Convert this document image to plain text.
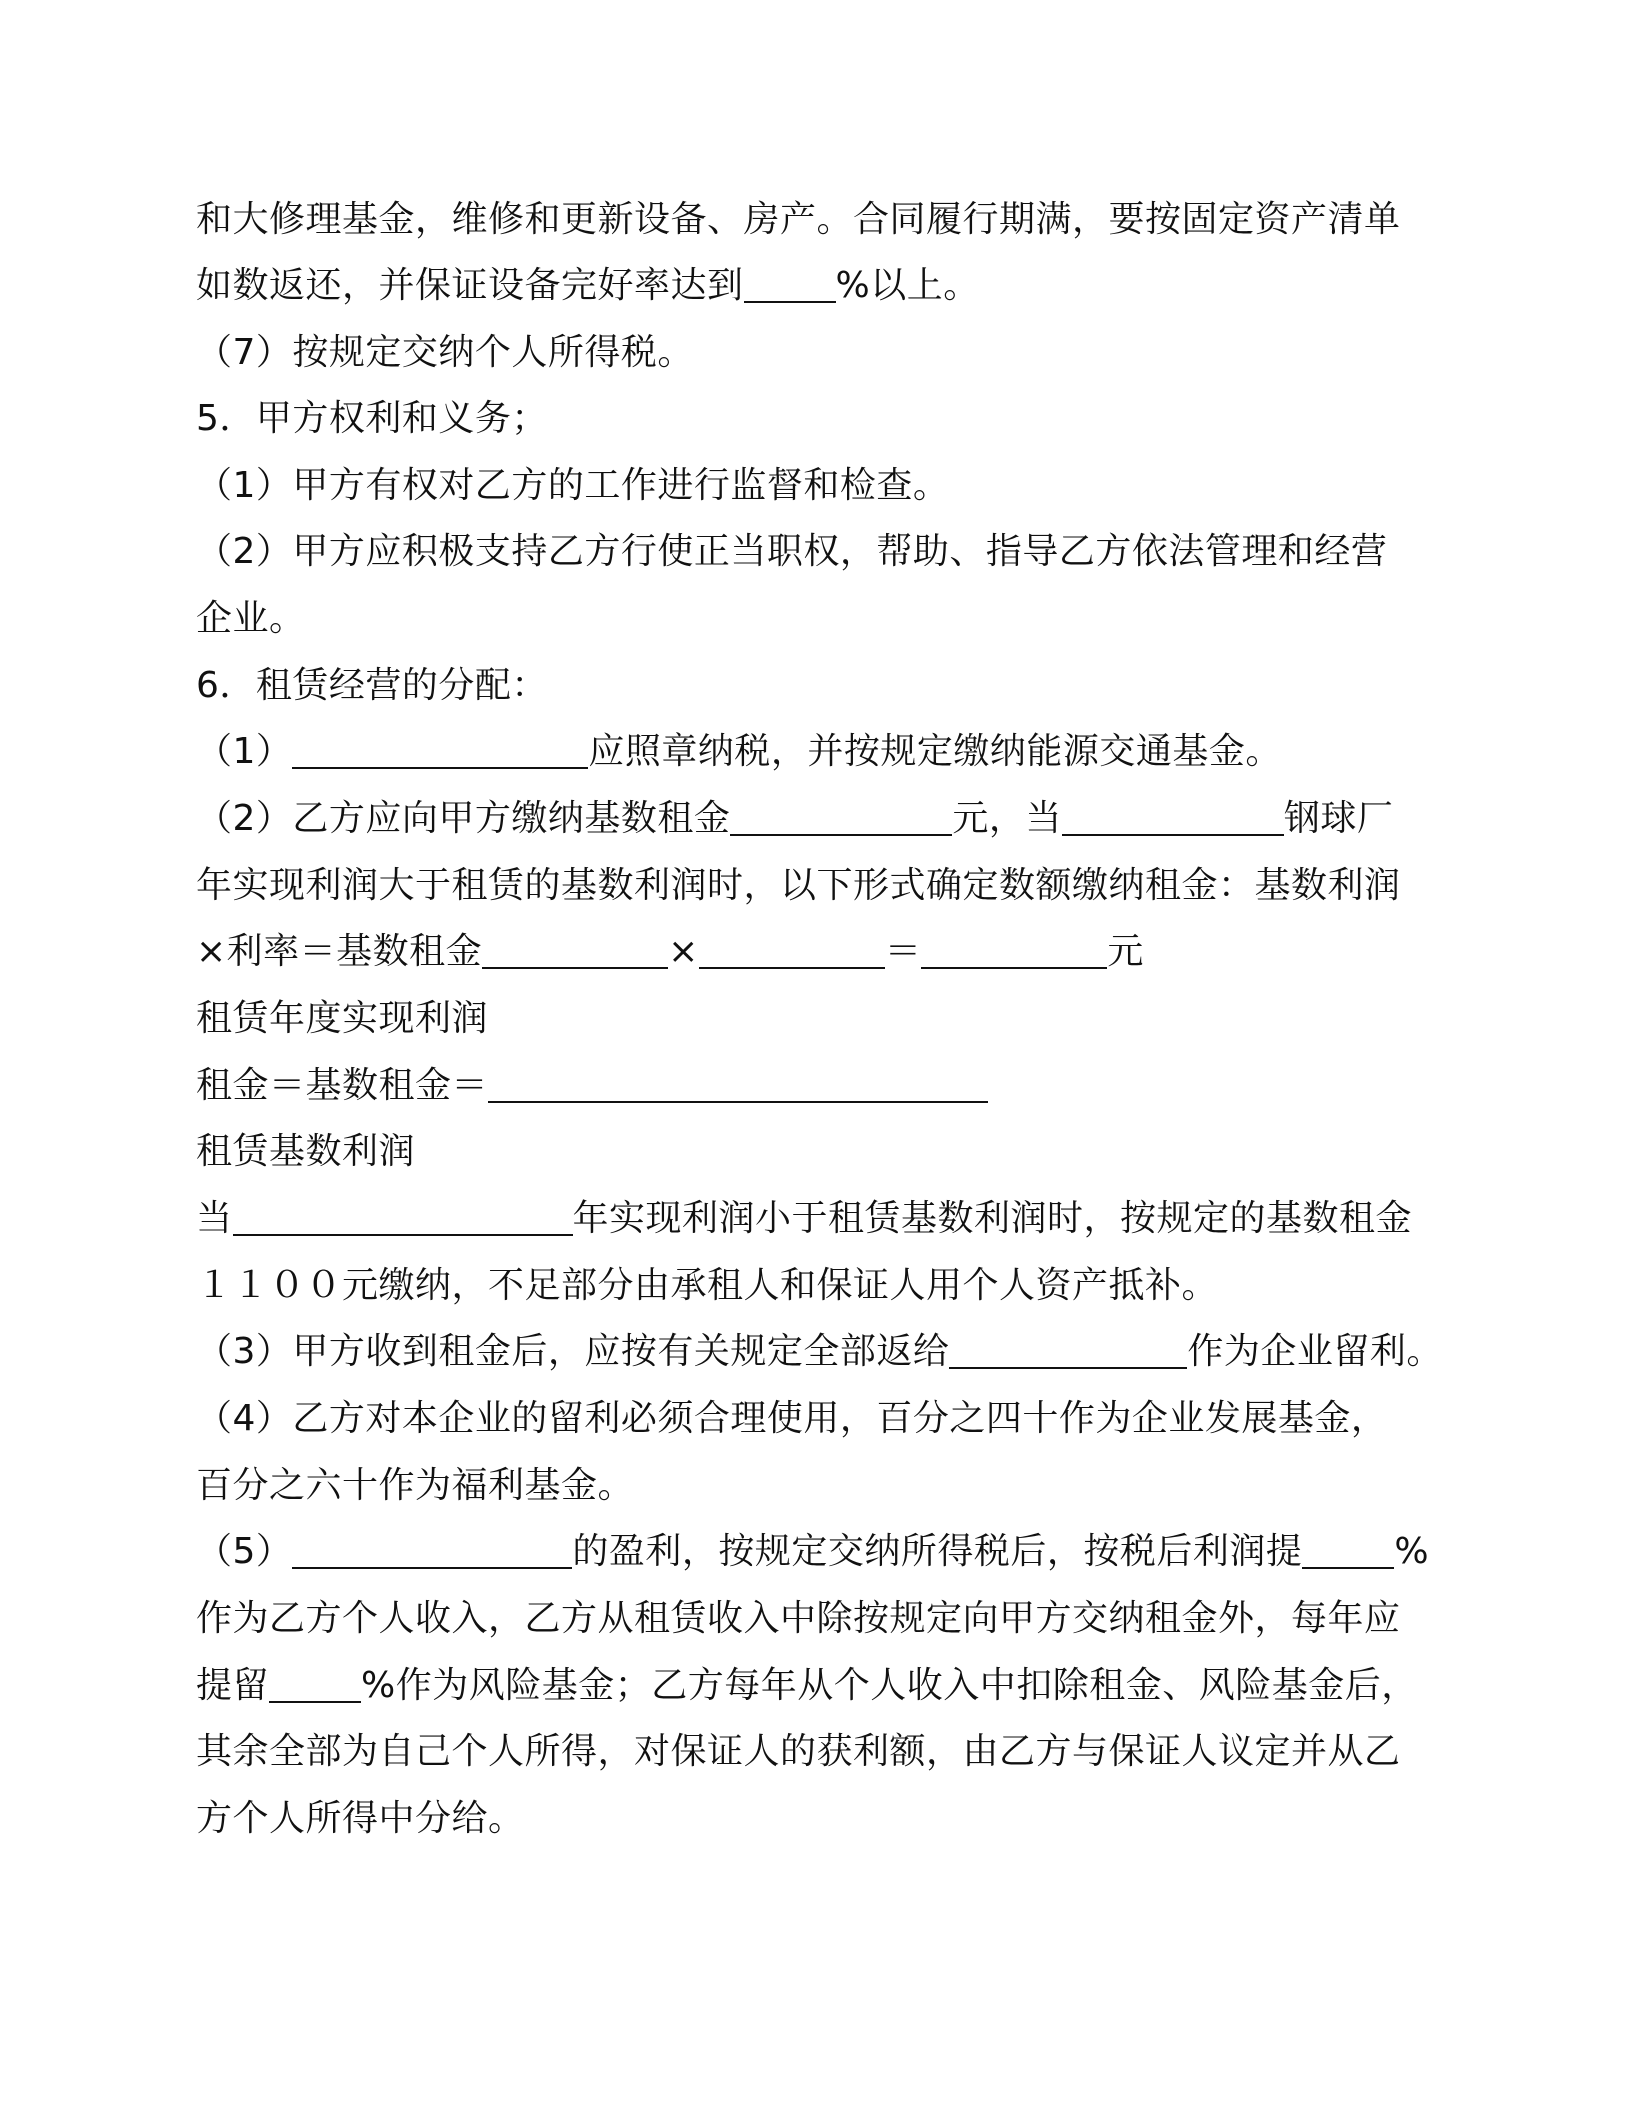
和大修理基金，维修和更新设备、房产。合同履行期满，要按固定资产清单
如数返还，并保证设备完好率达到	%以上。
（7）按规定交纳个人所得税。
5．甲方权利和义务；
（1）甲方有权对乙方的工作进行监督和检查。
（2）甲方应积极支持乙方行使正当职权，帮助、指导乙方依法管理和经营
企业。
6．租赁经营的分配：
（1）	应照章纳税，并按规定缴纳能源交通基金。
（2）乙方应向甲方缴纳基数租金	元，当	钢球厂
年实现利润大于租赁的基数利润时，以下形式确定数额缴纳租金：基数利润
×利率＝基数租金	×	＝	元
租赁年度实现利润
租金＝基数租金＝
租赁基数利润
当	年实现利润小于租赁基数利润时，按规定的基数租金
１１００元缴纳，不足部分由承租人和保证人用个人资产抵补。
（3）甲方收到租金后，应按有关规定全部返给	作为企业留利。
（4）乙方对本企业的留利必须合理使用，百分之四十作为企业发展基金，
百分之六十作为福利基金。
（5）	的盈利，按规定交纳所得税后，按税后利润提	%
作为乙方个人收入，乙方从租赁收入中除按规定向甲方交纳租金外，每年应
提留	%作为风险基金；乙方每年从个人收入中扣除租金、风险基金后，
其余全部为自己个人所得，对保证人的获利额，由乙方与保证人议定并从乙
方个人所得中分给。
